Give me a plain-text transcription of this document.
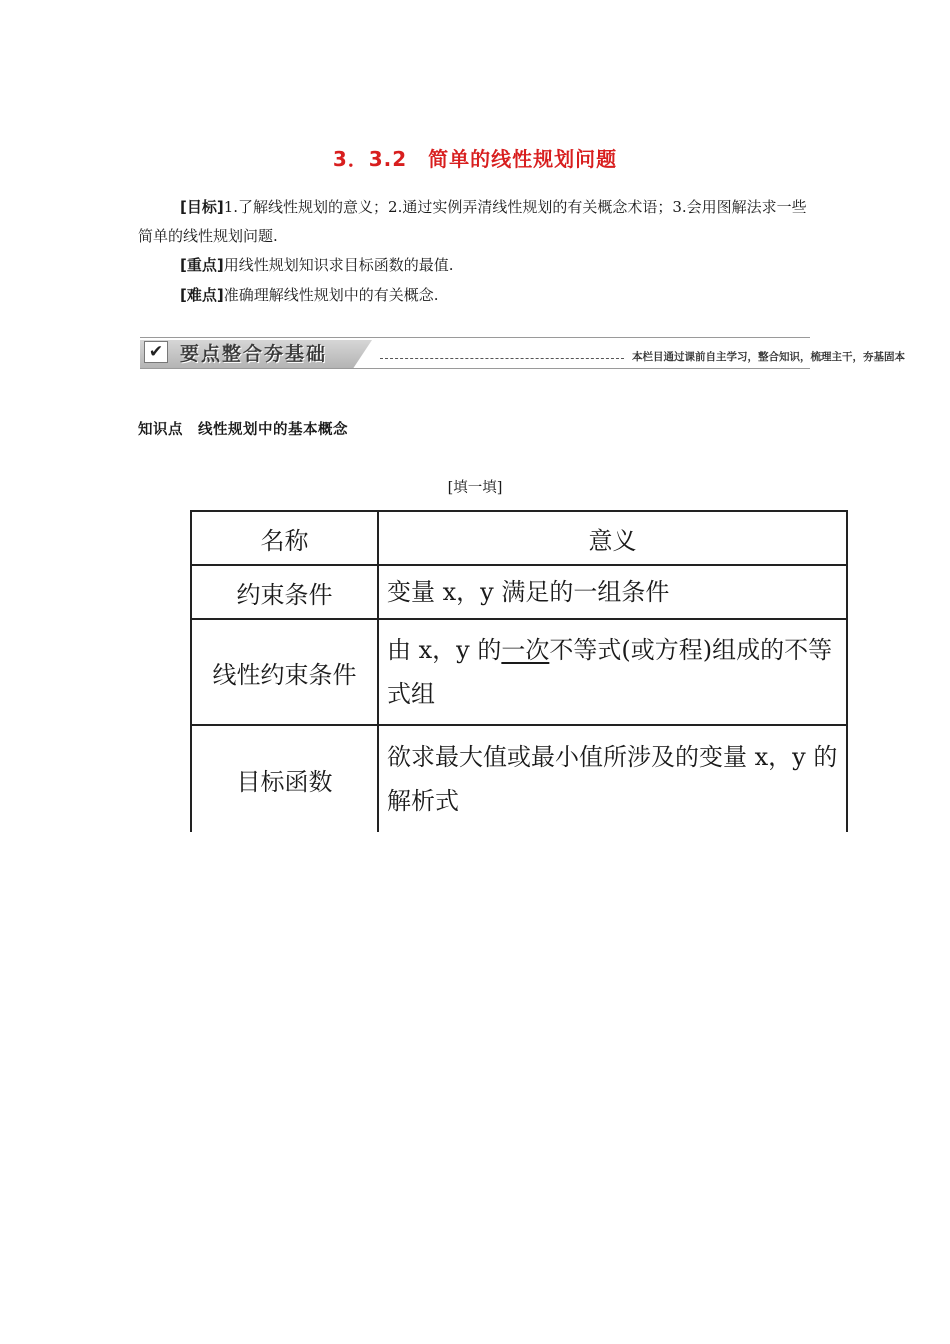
3．3.2　简单的线性规划问题
[目标]1.了解线性规划的意义；2.通过实例弄清线性规划的有关概念术语；3.会用图解法求一些简单的线性规划问题.
[重点]用线性规划知识求目标函数的最值.
[难点]准确理解线性规划中的有关概念.
✔ 要点整合夯基础	本栏目通过课前自主学习，整合知识，梳理主干，夯基固本
知识点　线性规划中的基本概念
[填一填]
名称	意义
约束条件	变量 x，y 满足的一组条件
线性约束条件	由 x，y 的一次不等式(或方程)组成的不等式组
目标函数	欲求最大值或最小值所涉及的变量 x，y 的解析式
